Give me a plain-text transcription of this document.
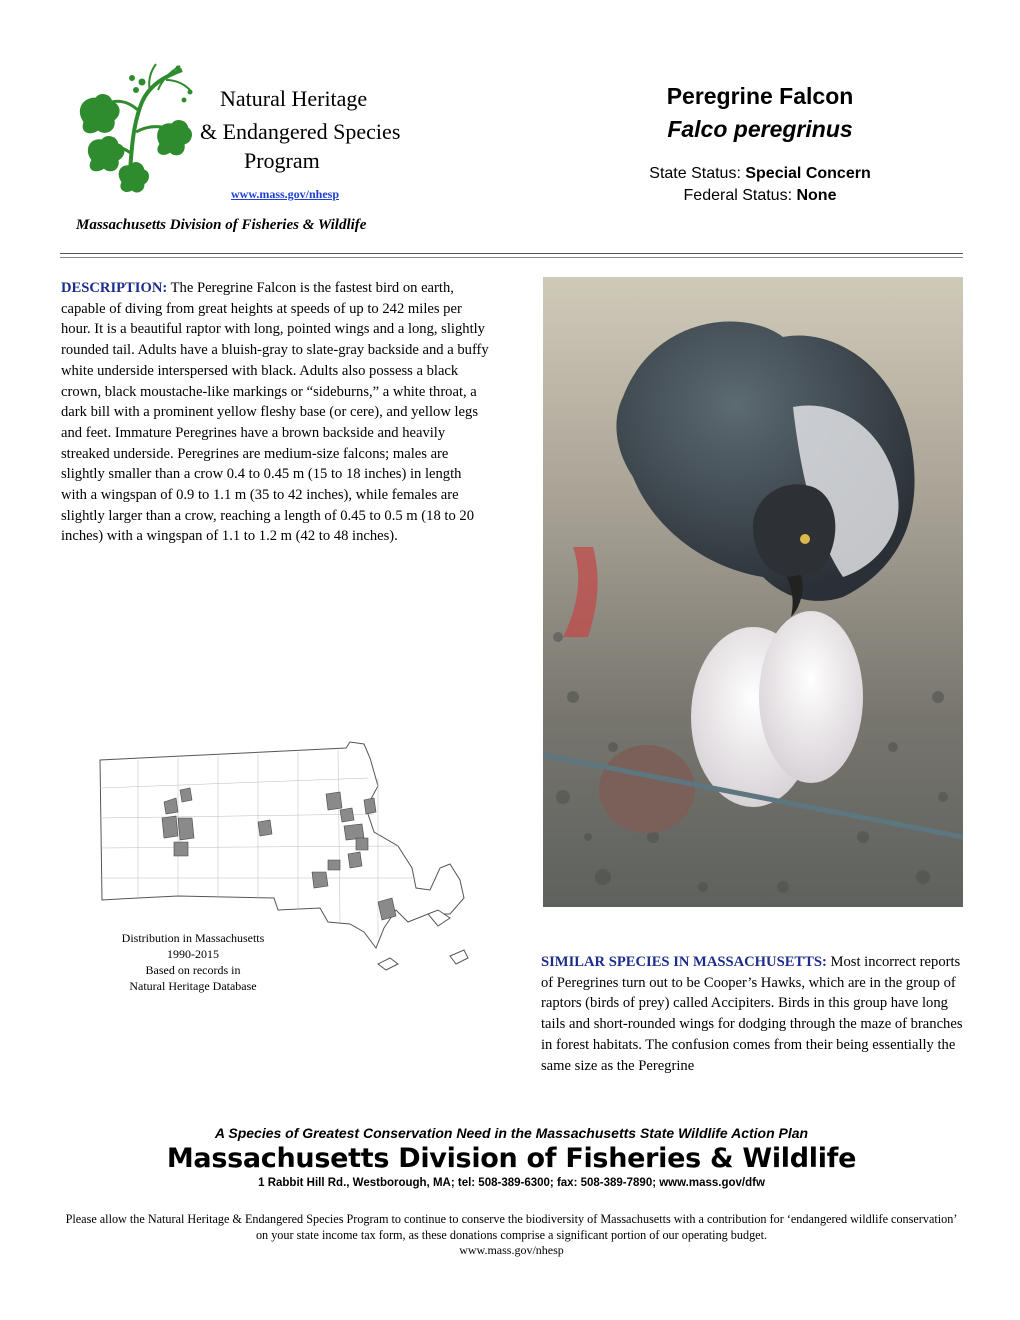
Natural Heritage
& Endangered Species
Program
www.mass.gov/nhesp
Massachusetts Division of Fisheries & Wildlife
Peregrine Falcon
Falco peregrinus
State Status: Special Concern
Federal Status: None
DESCRIPTION: The Peregrine Falcon is the fastest bird on earth, capable of diving from great heights at speeds of up to 242 miles per hour. It is a beautiful raptor with long, pointed wings and a long, slightly rounded tail. Adults have a bluish-gray to slate-gray backside and a buffy white underside interspersed with black. Adults also possess a black crown, black moustache-like markings or “sideburns,” a white throat, a dark bill with a prominent yellow fleshy base (or cere), and yellow legs and feet. Immature Peregrines have a brown backside and heavily streaked underside. Peregrines are medium-size falcons; males are slightly smaller than a crow 0.4 to 0.45 m (15 to 18 inches) in length with a wingspan of 0.9 to 1.1 m (35 to 42 inches), while females are slightly larger than a crow, reaching a length of 0.45 to 0.5 m (18 to 20 inches) with a wingspan of 1.1 to 1.2 m (42 to 48 inches).
Distribution in Massachusetts
1990-2015
Based on records in
Natural Heritage Database
SIMILAR SPECIES IN MASSACHUSETTS: Most incorrect reports of Peregrines turn out to be Cooper’s Hawks, which are in the group of raptors (birds of prey) called Accipiters. Birds in this group have long tails and short-rounded wings for dodging through the maze of branches in forest habitats. The confusion comes from their being essentially the same size as the Peregrine
A Species of Greatest Conservation Need in the Massachusetts State Wildlife Action Plan
Massachusetts Division of Fisheries & Wildlife
1 Rabbit Hill Rd., Westborough, MA; tel: 508-389-6300; fax: 508-389-7890; www.mass.gov/dfw
Please allow the Natural Heritage & Endangered Species Program to continue to conserve the biodiversity of Massachusetts with a contribution for ‘endangered wildlife conservation’ on your state income tax form, as these donations comprise a significant portion of our operating budget.
www.mass.gov/nhesp
